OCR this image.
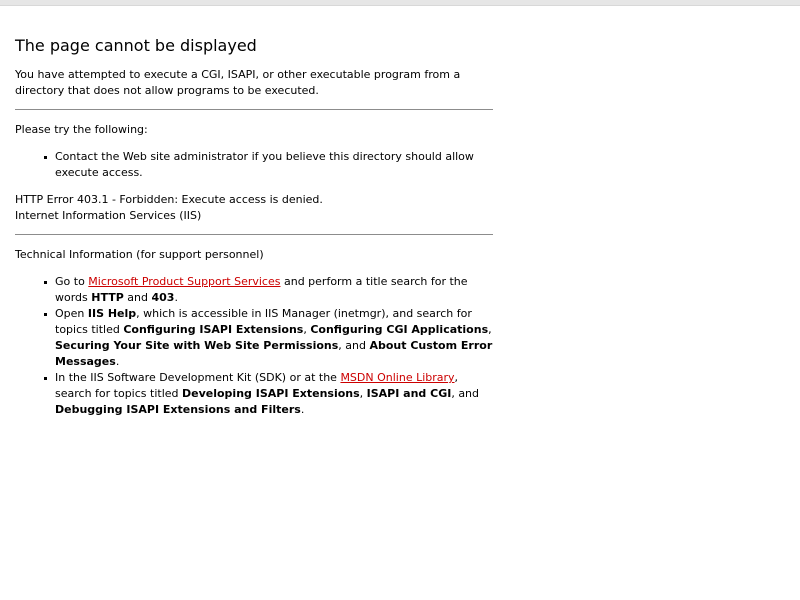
The page cannot be displayed

You have attempted to execute a CGI, ISAPI, or other executable program from a directory that does not allow programs to be executed.

Please try the following:

Contact the Web site administrator if you believe this directory should allow execute access.
HTTP Error 403.1 - Forbidden: Execute access is denied.
Internet Information Services (IIS)

Technical Information (for support personnel)

Go to Microsoft Product Support Services and perform a title search for the words HTTP and 403.
Open IIS Help, which is accessible in IIS Manager (inetmgr), and search for topics titled Configuring ISAPI Extensions, Configuring CGI Applications, Securing Your Site with Web Site Permissions, and About Custom Error Messages.
In the IIS Software Development Kit (SDK) or at the MSDN Online Library, search for topics titled Developing ISAPI Extensions, ISAPI and CGI, and Debugging ISAPI Extensions and Filters.
